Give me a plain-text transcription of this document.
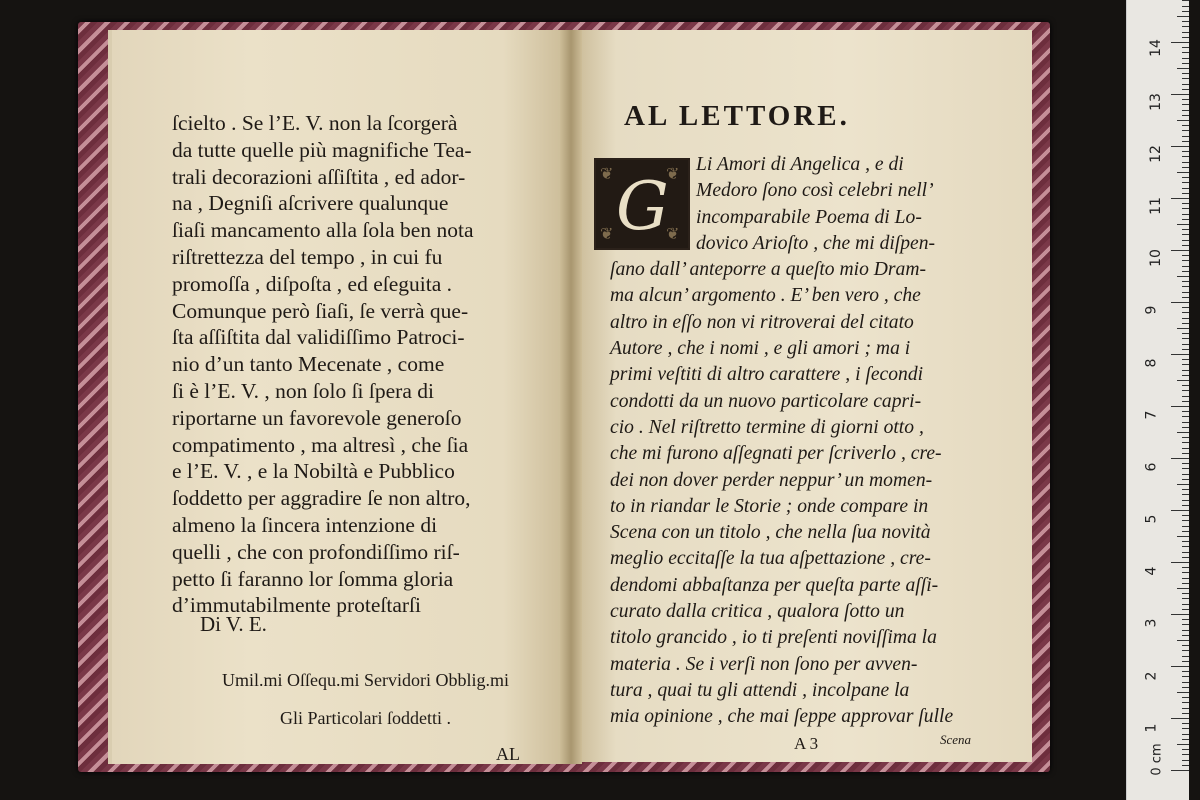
ſcielto . Se l’E. V. non la ſcorgerà
da tutte quelle più magnifiche Tea-
trali decorazioni aſſiſtita , ed ador-
na , Degniſi aſcrivere qualunque
ſiaſi mancamento alla ſola ben nota
riſtrettezza del tempo , in cui fu
promoſſa , diſpoſta , ed eſeguita .
Comunque però ſiaſi, ſe verrà que-
ſta aſſiſtita dal validiſſimo Patroci-
nio d’un tanto Mecenate , come
ſi è l’E. V. , non ſolo ſi ſpera di
riportarne un favorevole generoſo
compatimento , ma altresì , che ſia
e l’E. V. , e la Nobiltà e Pubblico
ſoddetto per aggradire ſe non altro,
almeno la ſincera intenzione di
quelli , che con profondiſſimo riſ-
petto ſi faranno lor ſomma gloria
d’immutabilmente proteſtarſi
Di V. E.
Umil.mi Oſſequ.mi Servidori Obblig.mi
Gli Particolari ſoddetti .
AL
AL LETTORE.
❦	❦
❦	❦
G
Li Amori di Angelica , e di
Medoro ſono così celebri nell’
incomparabile Poema di Lo-
dovico Arioſto , che mi diſpen-
ſano dall’ anteporre a queſto mio Dram-
ma alcun’ argomento . E’ ben vero , che
altro in eſſo non vi ritroverai del citato
Autore , che i nomi , e gli amori ; ma i
primi veſtiti di altro carattere , i ſecondi
condotti da un nuovo particolare capri-
cio . Nel riſtretto termine di giorni otto ,
che mi furono aſſegnati per ſcriverlo , cre-
dei non dover perder neppur’ un momen-
to in riandar le Storie ; onde compare in
Scena con un titolo , che nella ſua novità
meglio eccitaſſe la tua aſpettazione , cre-
dendomi abbaſtanza per queſta parte aſſi-
curato dalla critica , qualora ſotto un
titolo grancido , io ti preſenti noviſſima la
materia . Se i verſi non ſono per avven-
tura , quai tu gli attendi , incolpane la
mia opinione , che mai ſeppe approvar ſulle
A 3	Scena
14
13
12
11
10
9
8
7
6
5
4
3
2
1
0 cm
